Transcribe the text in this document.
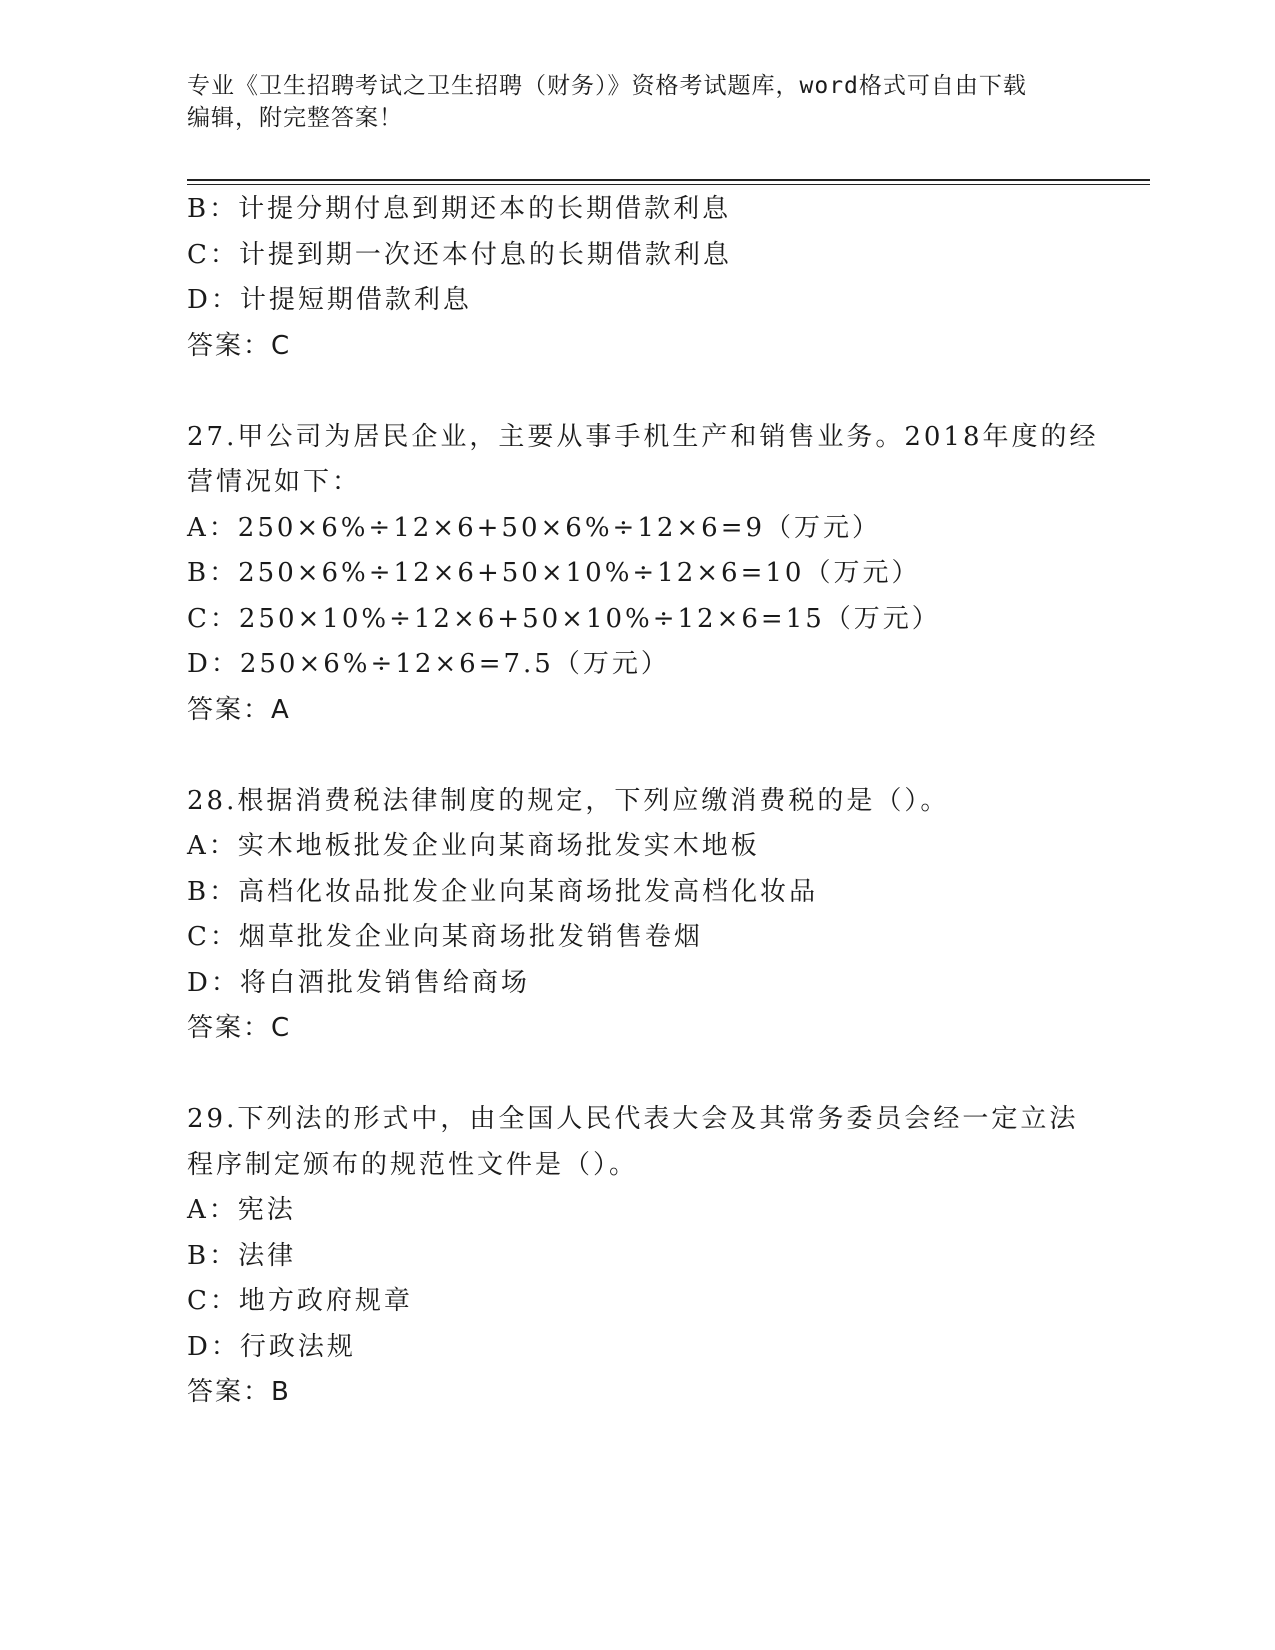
专业《卫生招聘考试之卫生招聘（财务）》资格考试题库，word格式可自由下载
编辑，附完整答案！
B：计提分期付息到期还本的长期借款利息
C：计提到期一次还本付息的长期借款利息
D：计提短期借款利息
答案：C
27.甲公司为居民企业，主要从事手机生产和销售业务。2018年度的经
营情况如下：
A：250×6%÷12×6+50×6%÷12×6=9（万元）
B：250×6%÷12×6+50×10%÷12×6=10（万元）
C：250×10%÷12×6+50×10%÷12×6=15（万元）
D：250×6%÷12×6=7.5（万元）
答案：A
28.根据消费税法律制度的规定，下列应缴消费税的是（）。
A：实木地板批发企业向某商场批发实木地板
B：高档化妆品批发企业向某商场批发高档化妆品
C：烟草批发企业向某商场批发销售卷烟
D：将白酒批发销售给商场
答案：C
29.下列法的形式中，由全国人民代表大会及其常务委员会经一定立法
程序制定颁布的规范性文件是（）。
A：宪法
B：法律
C：地方政府规章
D：行政法规
答案：B
